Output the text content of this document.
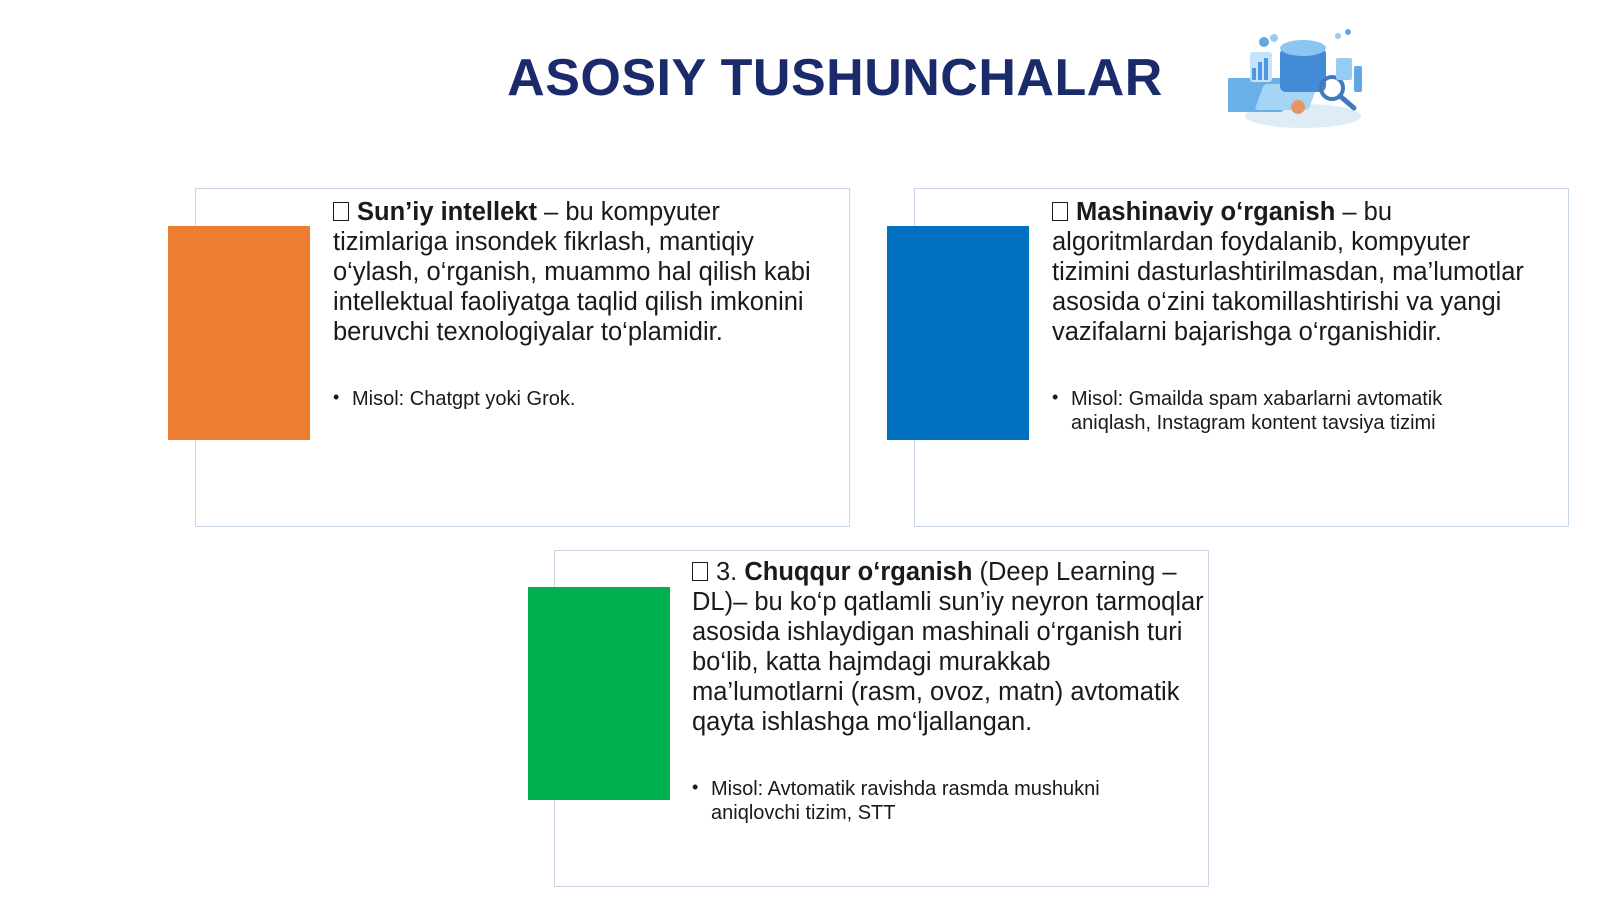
ASOSIY TUSHUNCHALAR
Sun’iy intellekt – bu kompyuter tizimlariga insondek fikrlash, mantiqiy o‘ylash, o‘rganish, muammo hal qilish kabi intellektual faoliyatga taqlid qilish imkonini beruvchi texnologiyalar to‘plamidir.
• Misol: Chatgpt yoki Grok.
Mashinaviy o‘rganish – bu algoritmlardan foydalanib, kompyuter tizimini dasturlashtirilmasdan, ma’lumotlar asosida o‘zini takomillashtirishi va yangi vazifalarni bajarishga o‘rganishidir.
• Misol: Gmailda spam xabarlarni avtomatik aniqlash, Instagram kontent tavsiya tizimi
3. Chuqqur o‘rganish (Deep Learning – DL)– bu ko‘p qatlamli sun’iy neyron tarmoqlar asosida ishlaydigan mashinali o‘rganish turi bo‘lib, katta hajmdagi murakkab ma’lumotlarni (rasm, ovoz, matn) avtomatik qayta ishlashga mo‘ljallangan.
• Misol: Avtomatik ravishda rasmda mushukni aniqlovchi tizim, STT
